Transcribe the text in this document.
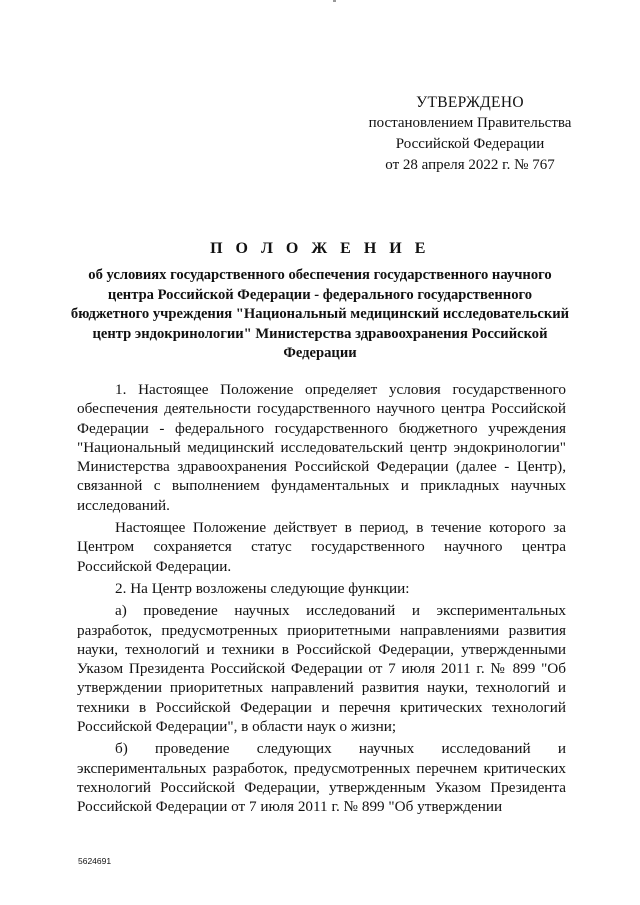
УТВЕРЖДЕНО
постановлением Правительства
Российской Федерации
от 28 апреля 2022 г. № 767
П О Л О Ж Е Н И Е
об условиях государственного обеспечения государственного научного центра Российской Федерации - федерального государственного бюджетного учреждения "Национальный медицинский исследовательский центр эндокринологии" Министерства здравоохранения Российской Федерации

1. Настоящее Положение определяет условия государственного обеспечения деятельности государственного научного центра Российской Федерации - федерального государственного бюджетного учреждения "Национальный медицинский исследовательский центр эндокринологии" Министерства здравоохранения Российской Федерации (далее - Центр), связанной с выполнением фундаментальных и прикладных научных исследований.

Настоящее Положение действует в период, в течение которого за Центром сохраняется статус государственного научного центра Российской Федерации.

2. На Центр возложены следующие функции:

а) проведение научных исследований и экспериментальных разработок, предусмотренных приоритетными направлениями развития науки, технологий и техники в Российской Федерации, утвержденными Указом Президента Российской Федерации от 7 июля 2011 г. № 899 "Об утверждении приоритетных направлений развития науки, технологий и техники в Российской Федерации и перечня критических технологий Российской Федерации", в области наук о жизни;

б) проведение следующих научных исследований и экспериментальных разработок, предусмотренных перечнем критических технологий Российской Федерации, утвержденным Указом Президента Российской Федерации от 7 июля 2011 г. № 899 "Об утверждении

5624691
